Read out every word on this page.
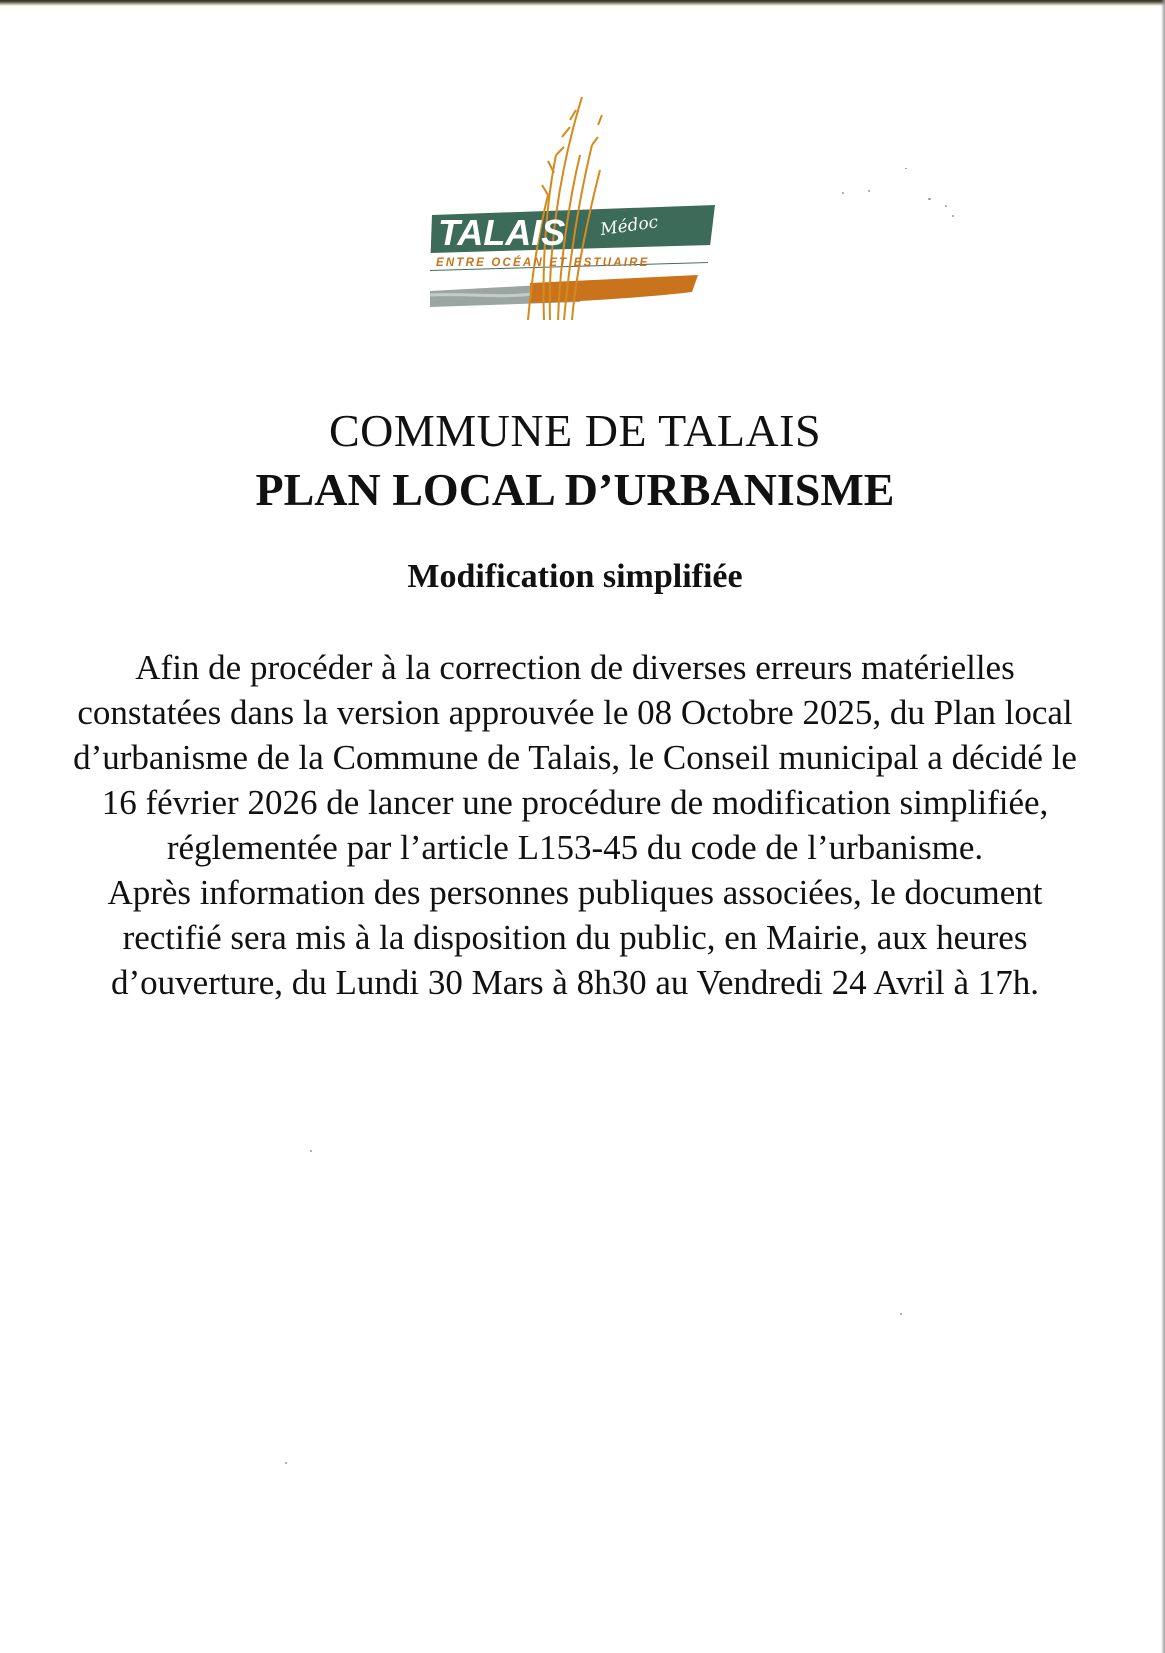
TALAIS Médoc
ENTRE OCÉAN ET ESTUAIRE
COMMUNE DE TALAIS
PLAN LOCAL D’URBANISME
Modification simplifiée

Afin de procéder à la correction de diverses erreurs matérielles constatées dans la version approuvée le 08 Octobre 2025, du Plan local d’urbanisme de la Commune de Talais, le Conseil municipal a décidé le 16 février 2026 de lancer une procédure de modification simplifiée, réglementée par l’article L153-45 du code de l’urbanisme.

Après information des personnes publiques associées, le document rectifié sera mis à la disposition du public, en Mairie, aux heures d’ouverture, du Lundi 30 Mars à 8h30 au Vendredi 24 Avril à 17h.
